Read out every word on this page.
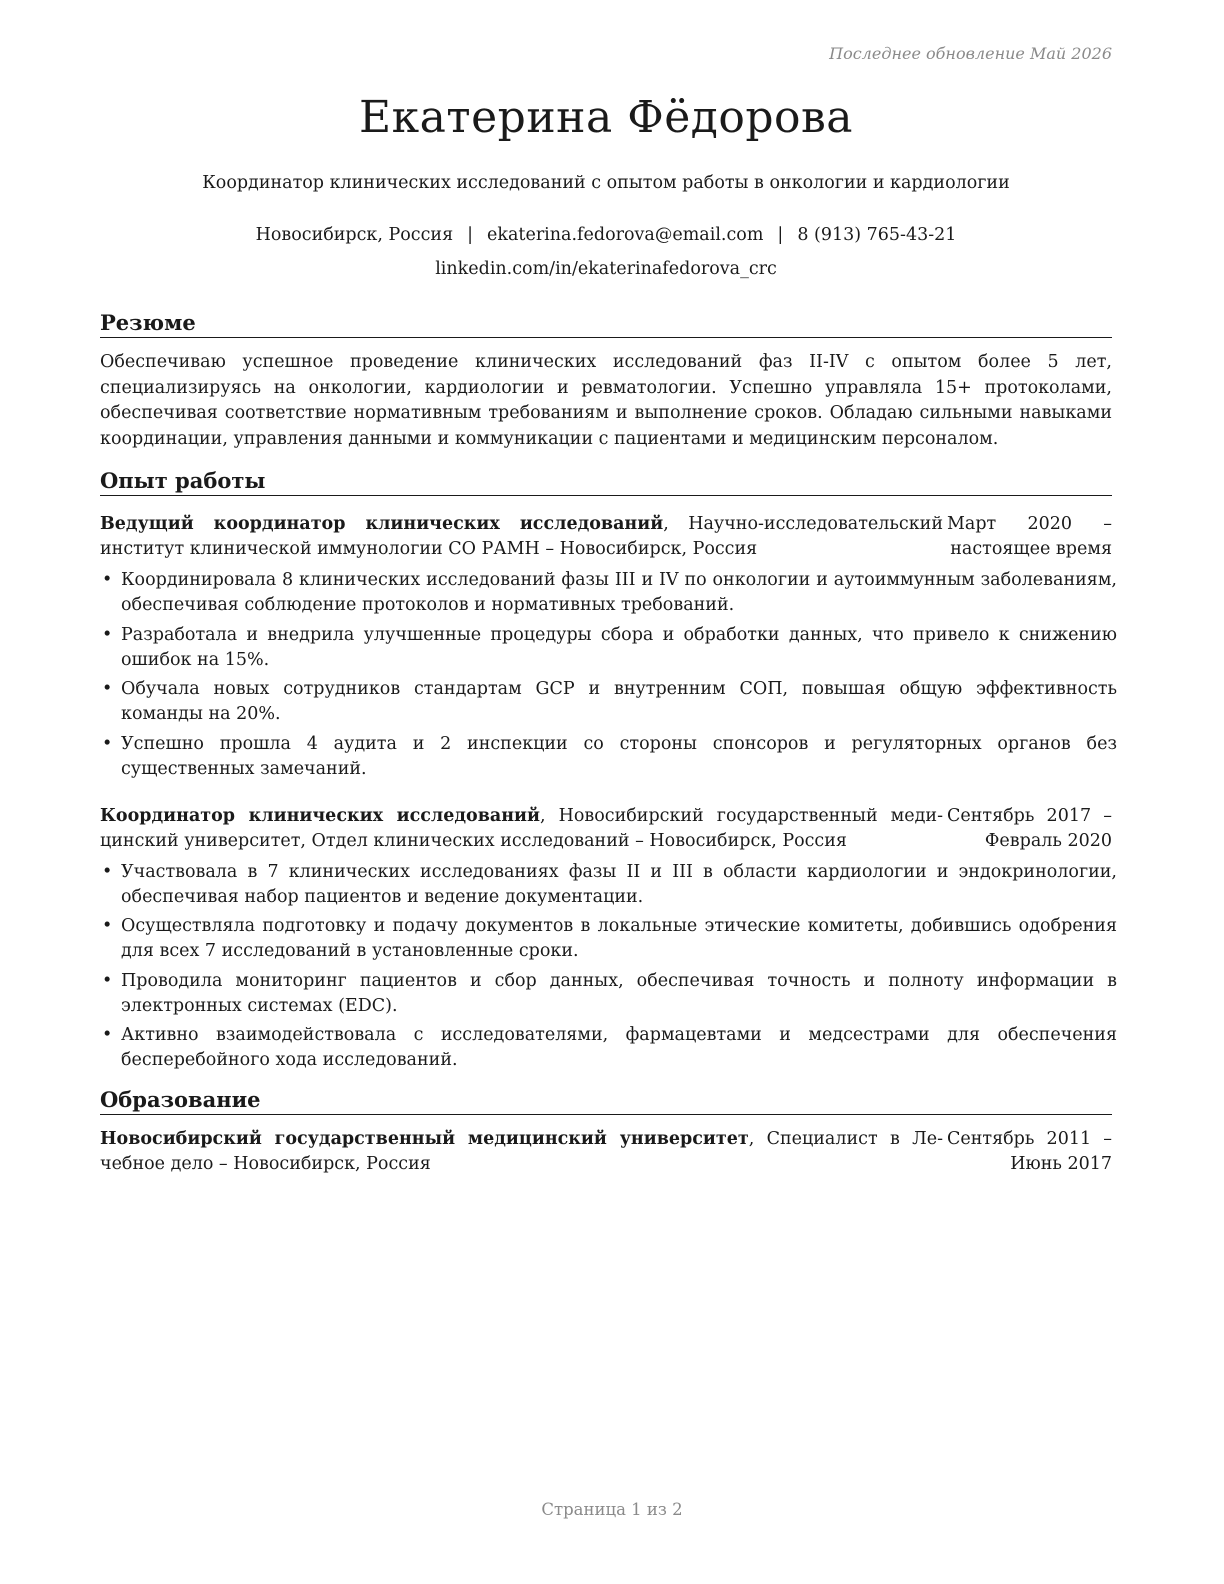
Последнее обновление Май 2026
Екатерина Фёдорова
Координатор клинических исследований с опытом работы в онкологии и кардиологии
Новосибирск, Россия | ekaterina.fedorova@email.com | 8 (913) 765-43-21
linkedin.com/in/ekaterinafedorova_crc
Резюме
Обеспечиваю успешное проведение клинических исследований фаз II-IV с опытом более 5 лет, специализируясь на онкологии, кардиологии и ревматологии. Успешно управляла 15+ протоколами, обеспечивая соответствие нормативным требованиям и выполнение сроков. Обладаю сильными навыками координации, управления данными и коммуникации с пациентами и медицинским персоналом.
Опыт работы
Ведущий координатор клинических исследований, Научно-исследовательский институт клинической иммунологии СО РАМН – Новосибирск, Россия
Март 2020 – настоящее время
• Координировала 8 клинических исследований фазы III и IV по онкологии и аутоиммунным заболеваниям, обеспечивая соблюдение протоколов и нормативных требований.
• Разработала и внедрила улучшенные процедуры сбора и обработки данных, что привело к снижению ошибок на 15%.
• Обучала новых сотрудников стандартам GCP и внутренним СОП, повышая общую эффективность команды на 20%.
• Успешно прошла 4 аудита и 2 инспекции со стороны спонсоров и регуляторных органов без существенных замечаний.
Координатор клинических исследований, Новосибирский государственный медицинский университет, Отдел клинических исследований – Новосибирск, Россия
Сентябрь 2017 – Февраль 2020
• Участвовала в 7 клинических исследованиях фазы II и III в области кардиологии и эндокринологии, обеспечивая набор пациентов и ведение документации.
• Осуществляла подготовку и подачу документов в локальные этические комитеты, добившись одобрения для всех 7 исследований в установленные сроки.
• Проводила мониторинг пациентов и сбор данных, обеспечивая точность и полноту информации в электронных системах (EDC).
• Активно взаимодействовала с исследователями, фармацевтами и медсестрами для обеспечения бесперебойного хода исследований.
Образование
Новосибирский государственный медицинский университет, Специалист в Лечебное дело – Новосибирск, Россия
Сентябрь 2011 – Июнь 2017
Страница 1 из 2
